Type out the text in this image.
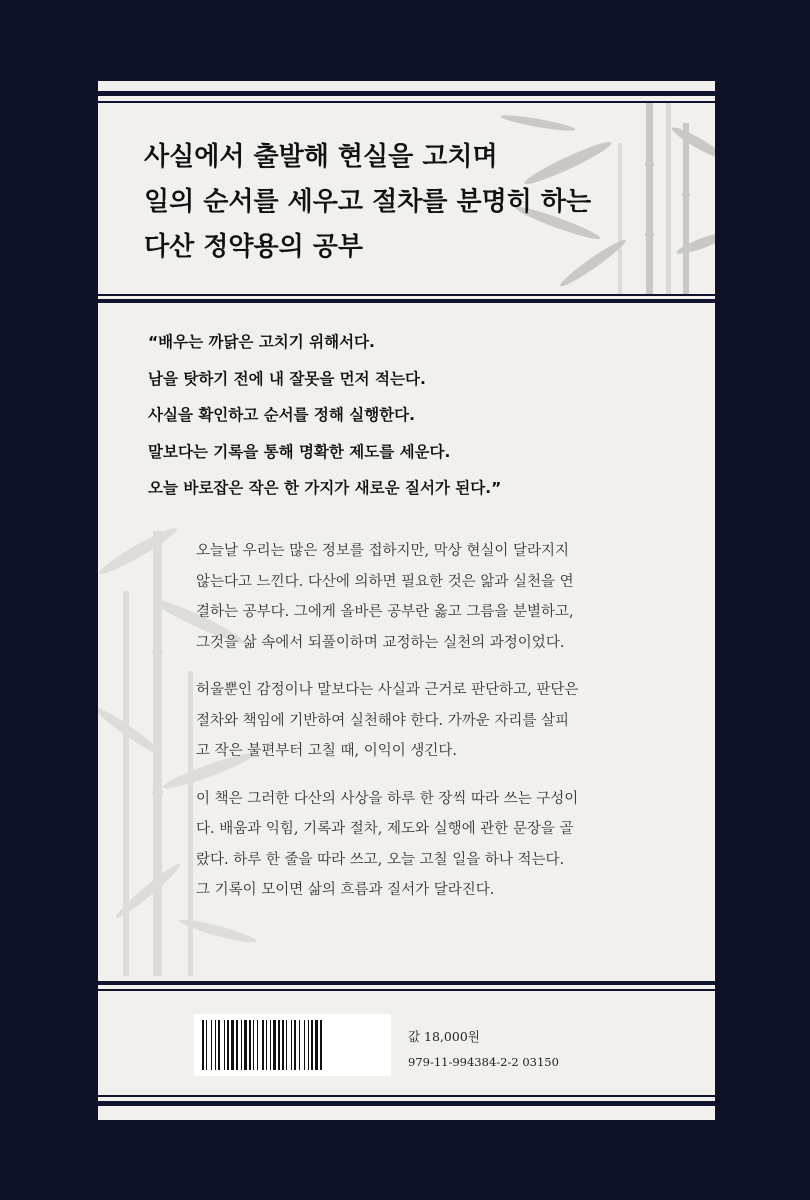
사실에서 출발해 현실을 고치며
일의 순서를 세우고 절차를 분명히 하는
다산 정약용의 공부
“배우는 까닭은 고치기 위해서다.
남을 탓하기 전에 내 잘못을 먼저 적는다.
사실을 확인하고 순서를 정해 실행한다.
말보다는 기록을 통해 명확한 제도를 세운다.
오늘 바로잡은 작은 한 가지가 새로운 질서가 된다.”
오늘날 우리는 많은 정보를 접하지만, 막상 현실이 달라지지
않는다고 느낀다. 다산에 의하면 필요한 것은 앎과 실천을 연
결하는 공부다. 그에게 올바른 공부란 옳고 그름을 분별하고,
그것을 삶 속에서 되풀이하며 교정하는 실천의 과정이었다.
허울뿐인 감정이나 말보다는 사실과 근거로 판단하고, 판단은
절차와 책임에 기반하여 실천해야 한다. 가까운 자리를 살피
고 작은 불편부터 고칠 때, 이익이 생긴다.
이 책은 그러한 다산의 사상을 하루 한 장씩 따라 쓰는 구성이
다. 배움과 익힘, 기록과 절차, 제도와 실행에 관한 문장을 골
랐다. 하루 한 줄을 따라 쓰고, 오늘 고칠 일을 하나 적는다.
그 기록이 모이면 삶의 흐름과 질서가 달라진다.
값 18,000원
979-11-994384-2-2 03150
